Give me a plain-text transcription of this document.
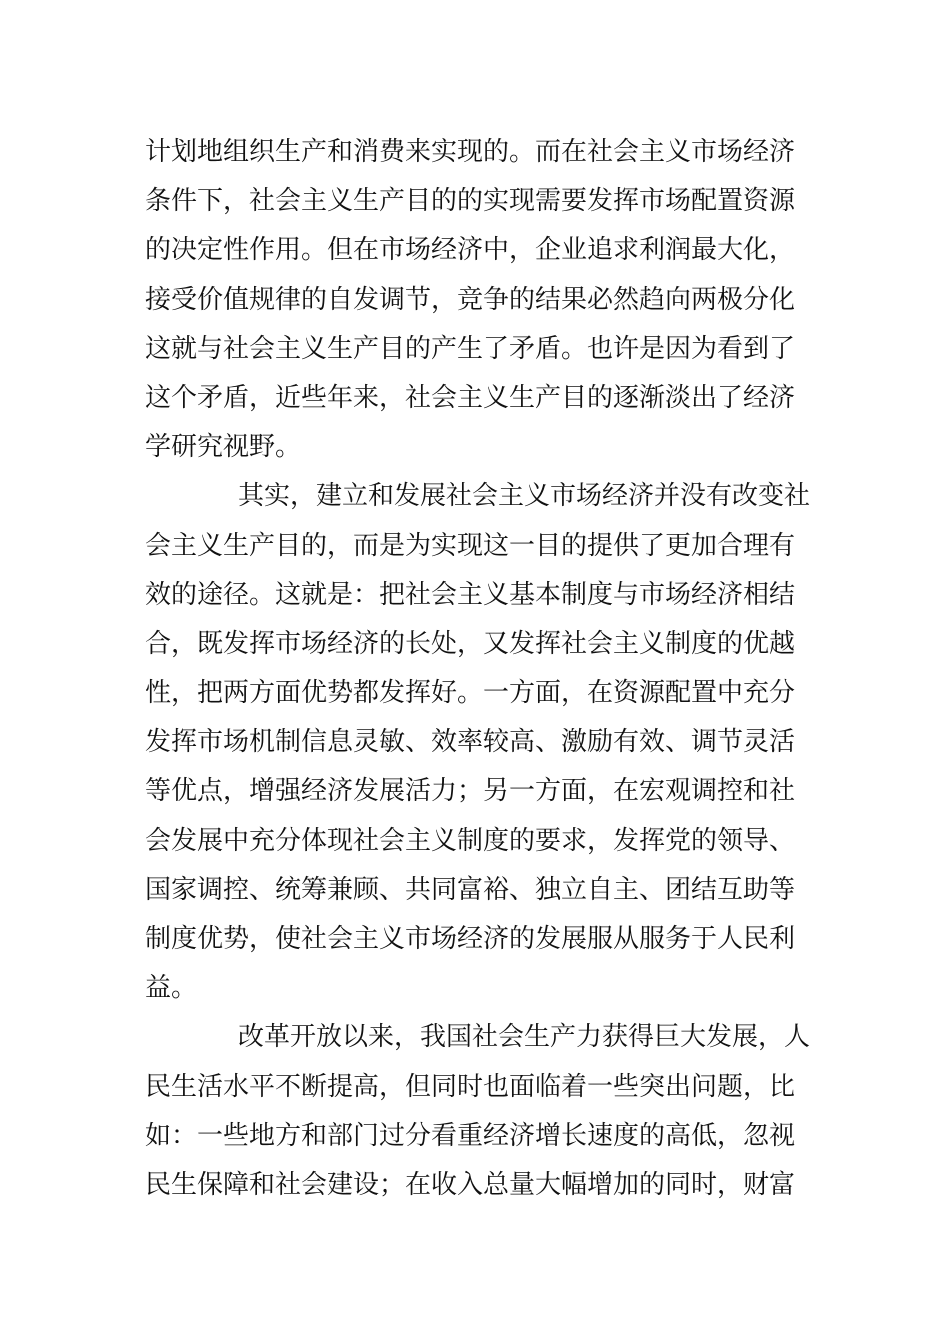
计划地组织生产和消费来实现的。而在社会主义市场经济
条件下，社会主义生产目的的实现需要发挥市场配置资源
的决定性作用。但在市场经济中，企业追求利润最大化，
接受价值规律的自发调节，竞争的结果必然趋向两极分化
这就与社会主义生产目的产生了矛盾。也许是因为看到了
这个矛盾，近些年来，社会主义生产目的逐渐淡出了经济
学研究视野。
其实，建立和发展社会主义市场经济并没有改变社
会主义生产目的，而是为实现这一目的提供了更加合理有
效的途径。这就是：把社会主义基本制度与市场经济相结
合，既发挥市场经济的长处，又发挥社会主义制度的优越
性，把两方面优势都发挥好。一方面，在资源配置中充分
发挥市场机制信息灵敏、效率较高、激励有效、调节灵活
等优点，增强经济发展活力；另一方面，在宏观调控和社
会发展中充分体现社会主义制度的要求，发挥党的领导、
国家调控、统筹兼顾、共同富裕、独立自主、团结互助等
制度优势，使社会主义市场经济的发展服从服务于人民利
益。
改革开放以来，我国社会生产力获得巨大发展，人
民生活水平不断提高，但同时也面临着一些突出问题，比
如：一些地方和部门过分看重经济增长速度的高低，忽视
民生保障和社会建设；在收入总量大幅增加的同时，财富
